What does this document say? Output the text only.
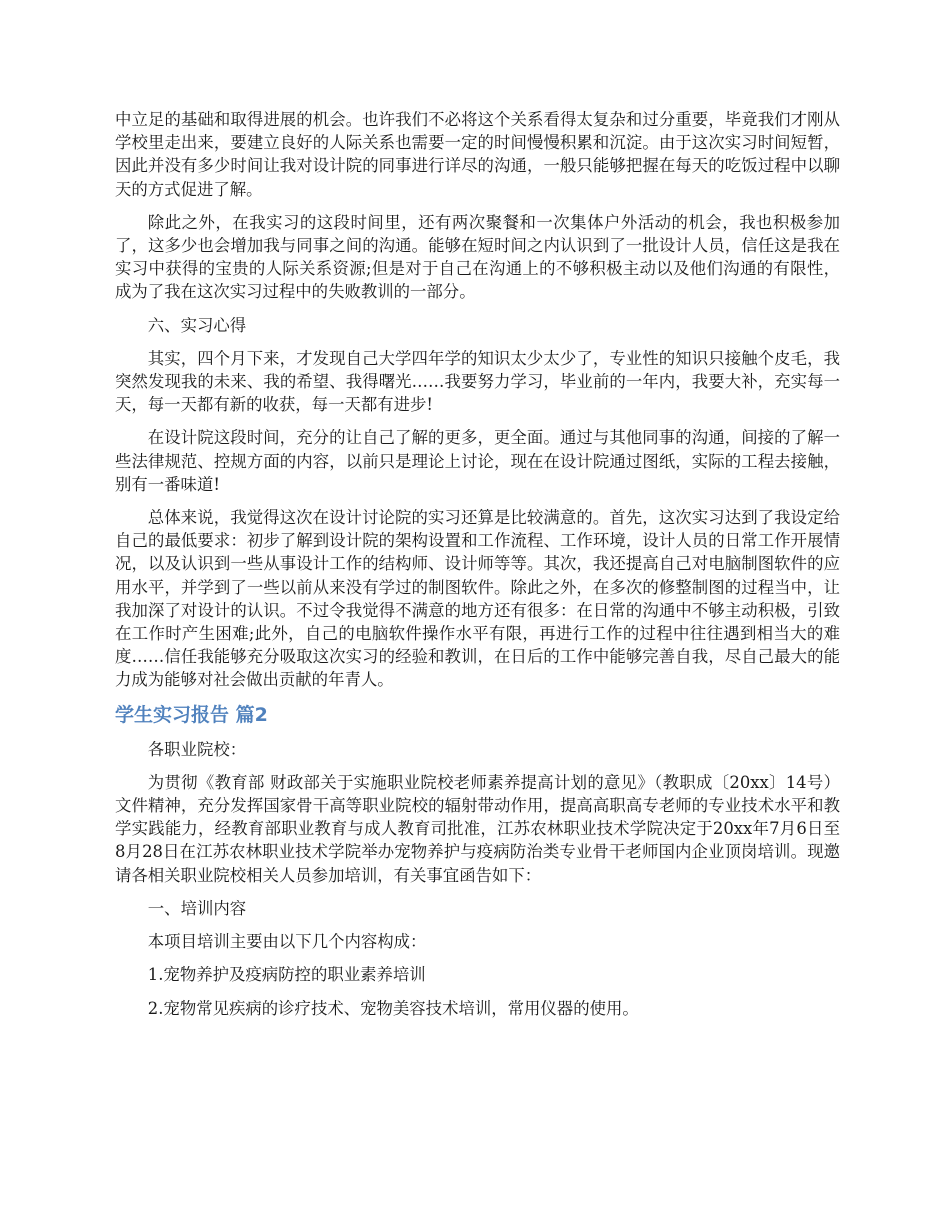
中立足的基础和取得进展的机会。也许我们不必将这个关系看得太复杂和过分重要，毕竟我们才刚从学校里走出来，要建立良好的人际关系也需要一定的时间慢慢积累和沉淀。由于这次实习时间短暂，因此并没有多少时间让我对设计院的同事进行详尽的沟通，一般只能够把握在每天的吃饭过程中以聊天的方式促进了解。

除此之外，在我实习的这段时间里，还有两次聚餐和一次集体户外活动的机会，我也积极参加了，这多少也会增加我与同事之间的沟通。能够在短时间之内认识到了一批设计人员，信任这是我在实习中获得的宝贵的人际关系资源;但是对于自己在沟通上的不够积极主动以及他们沟通的有限性，成为了我在这次实习过程中的失败教训的一部分。

六、实习心得

其实，四个月下来，才发现自己大学四年学的知识太少太少了，专业性的知识只接触个皮毛，我突然发现我的未来、我的希望、我得曙光……我要努力学习，毕业前的一年内，我要大补，充实每一天，每一天都有新的收获，每一天都有进步!

在设计院这段时间，充分的让自己了解的更多，更全面。通过与其他同事的沟通，间接的了解一些法律规范、控规方面的内容，以前只是理论上讨论，现在在设计院通过图纸，实际的工程去接触，别有一番味道!

总体来说，我觉得这次在设计讨论院的实习还算是比较满意的。首先，这次实习达到了我设定给自己的最低要求：初步了解到设计院的架构设置和工作流程、工作环境，设计人员的日常工作开展情况，以及认识到一些从事设计工作的结构师、设计师等等。其次，我还提高自己对电脑制图软件的应用水平，并学到了一些以前从来没有学过的制图软件。除此之外，在多次的修整制图的过程当中，让我加深了对设计的认识。不过令我觉得不满意的地方还有很多：在日常的沟通中不够主动积极，引致在工作时产生困难;此外，自己的电脑软件操作水平有限，再进行工作的过程中往往遇到相当大的难度……信任我能够充分吸取这次实习的经验和教训，在日后的工作中能够完善自我，尽自己最大的能力成为能够对社会做出贡献的年青人。

学生实习报告 篇2

各职业院校：

为贯彻《教育部 财政部关于实施职业院校老师素养提高计划的意见》（教职成〔20xx〕14号）文件精神，充分发挥国家骨干高等职业院校的辐射带动作用，提高高职高专老师的专业技术水平和教学实践能力，经教育部职业教育与成人教育司批准，江苏农林职业技术学院决定于20xx年7月6日至8月28日在江苏农林职业技术学院举办宠物养护与疫病防治类专业骨干老师国内企业顶岗培训。现邀请各相关职业院校相关人员参加培训，有关事宜函告如下：

一、培训内容

本项目培训主要由以下几个内容构成：

1.宠物养护及疫病防控的职业素养培训

2.宠物常见疾病的诊疗技术、宠物美容技术培训，常用仪器的使用。
